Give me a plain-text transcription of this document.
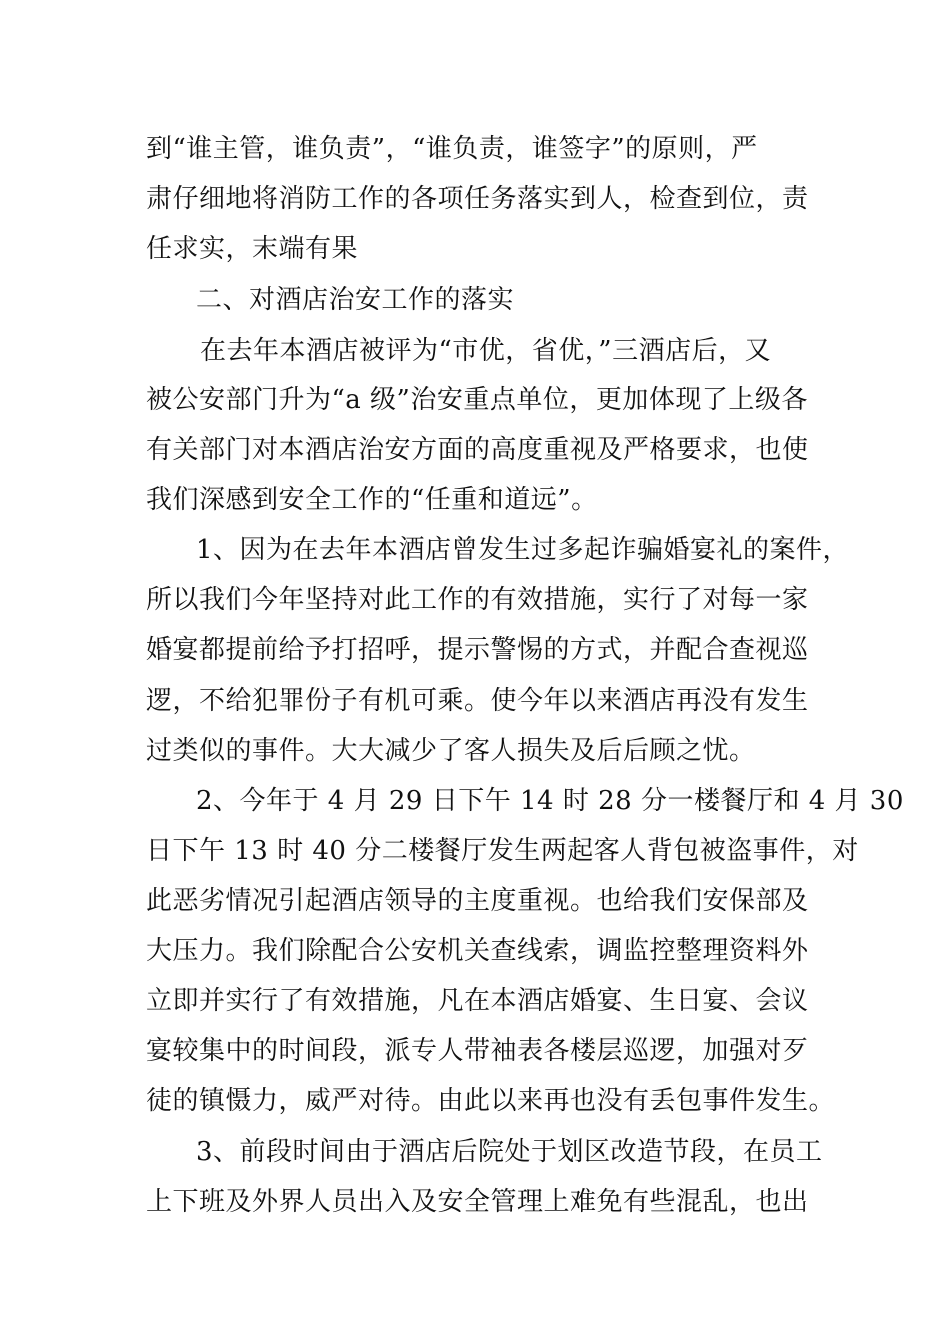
到“谁主管，谁负责”，“谁负责，谁签字”的原则，严
肃仔细地将消防工作的各项任务落实到人，检查到位，责
任求实，末端有果
二、对酒店治安工作的落实
在去年本酒店被评为“市优，省优，”三酒店后，又
被公安部门升为“a 级”治安重点单位，更加体现了上级各
有关部门对本酒店治安方面的高度重视及严格要求，也使
我们深感到安全工作的“任重和道远”。
1、因为在去年本酒店曾发生过多起诈骗婚宴礼的案件，
所以我们今年坚持对此工作的有效措施，实行了对每一家
婚宴都提前给予打招呼，提示警惕的方式，并配合查视巡
逻，不给犯罪份子有机可乘。使今年以来酒店再没有发生
过类似的事件。大大减少了客人损失及后后顾之忧。
2、今年于 4 月 29 日下午 14 时 28 分一楼餐厅和 4 月 30
日下午 13 时 40 分二楼餐厅发生两起客人背包被盗事件，对
此恶劣情况引起酒店领导的主度重视。也给我们安保部及
大压力。我们除配合公安机关查线索，调监控整理资料外
立即并实行了有效措施，凡在本酒店婚宴、生日宴、会议
宴较集中的时间段，派专人带袖表各楼层巡逻，加强对歹
徒的镇慑力，威严对待。由此以来再也没有丢包事件发生。
3、前段时间由于酒店后院处于划区改造节段，在员工
上下班及外界人员出入及安全管理上难免有些混乱，也出
